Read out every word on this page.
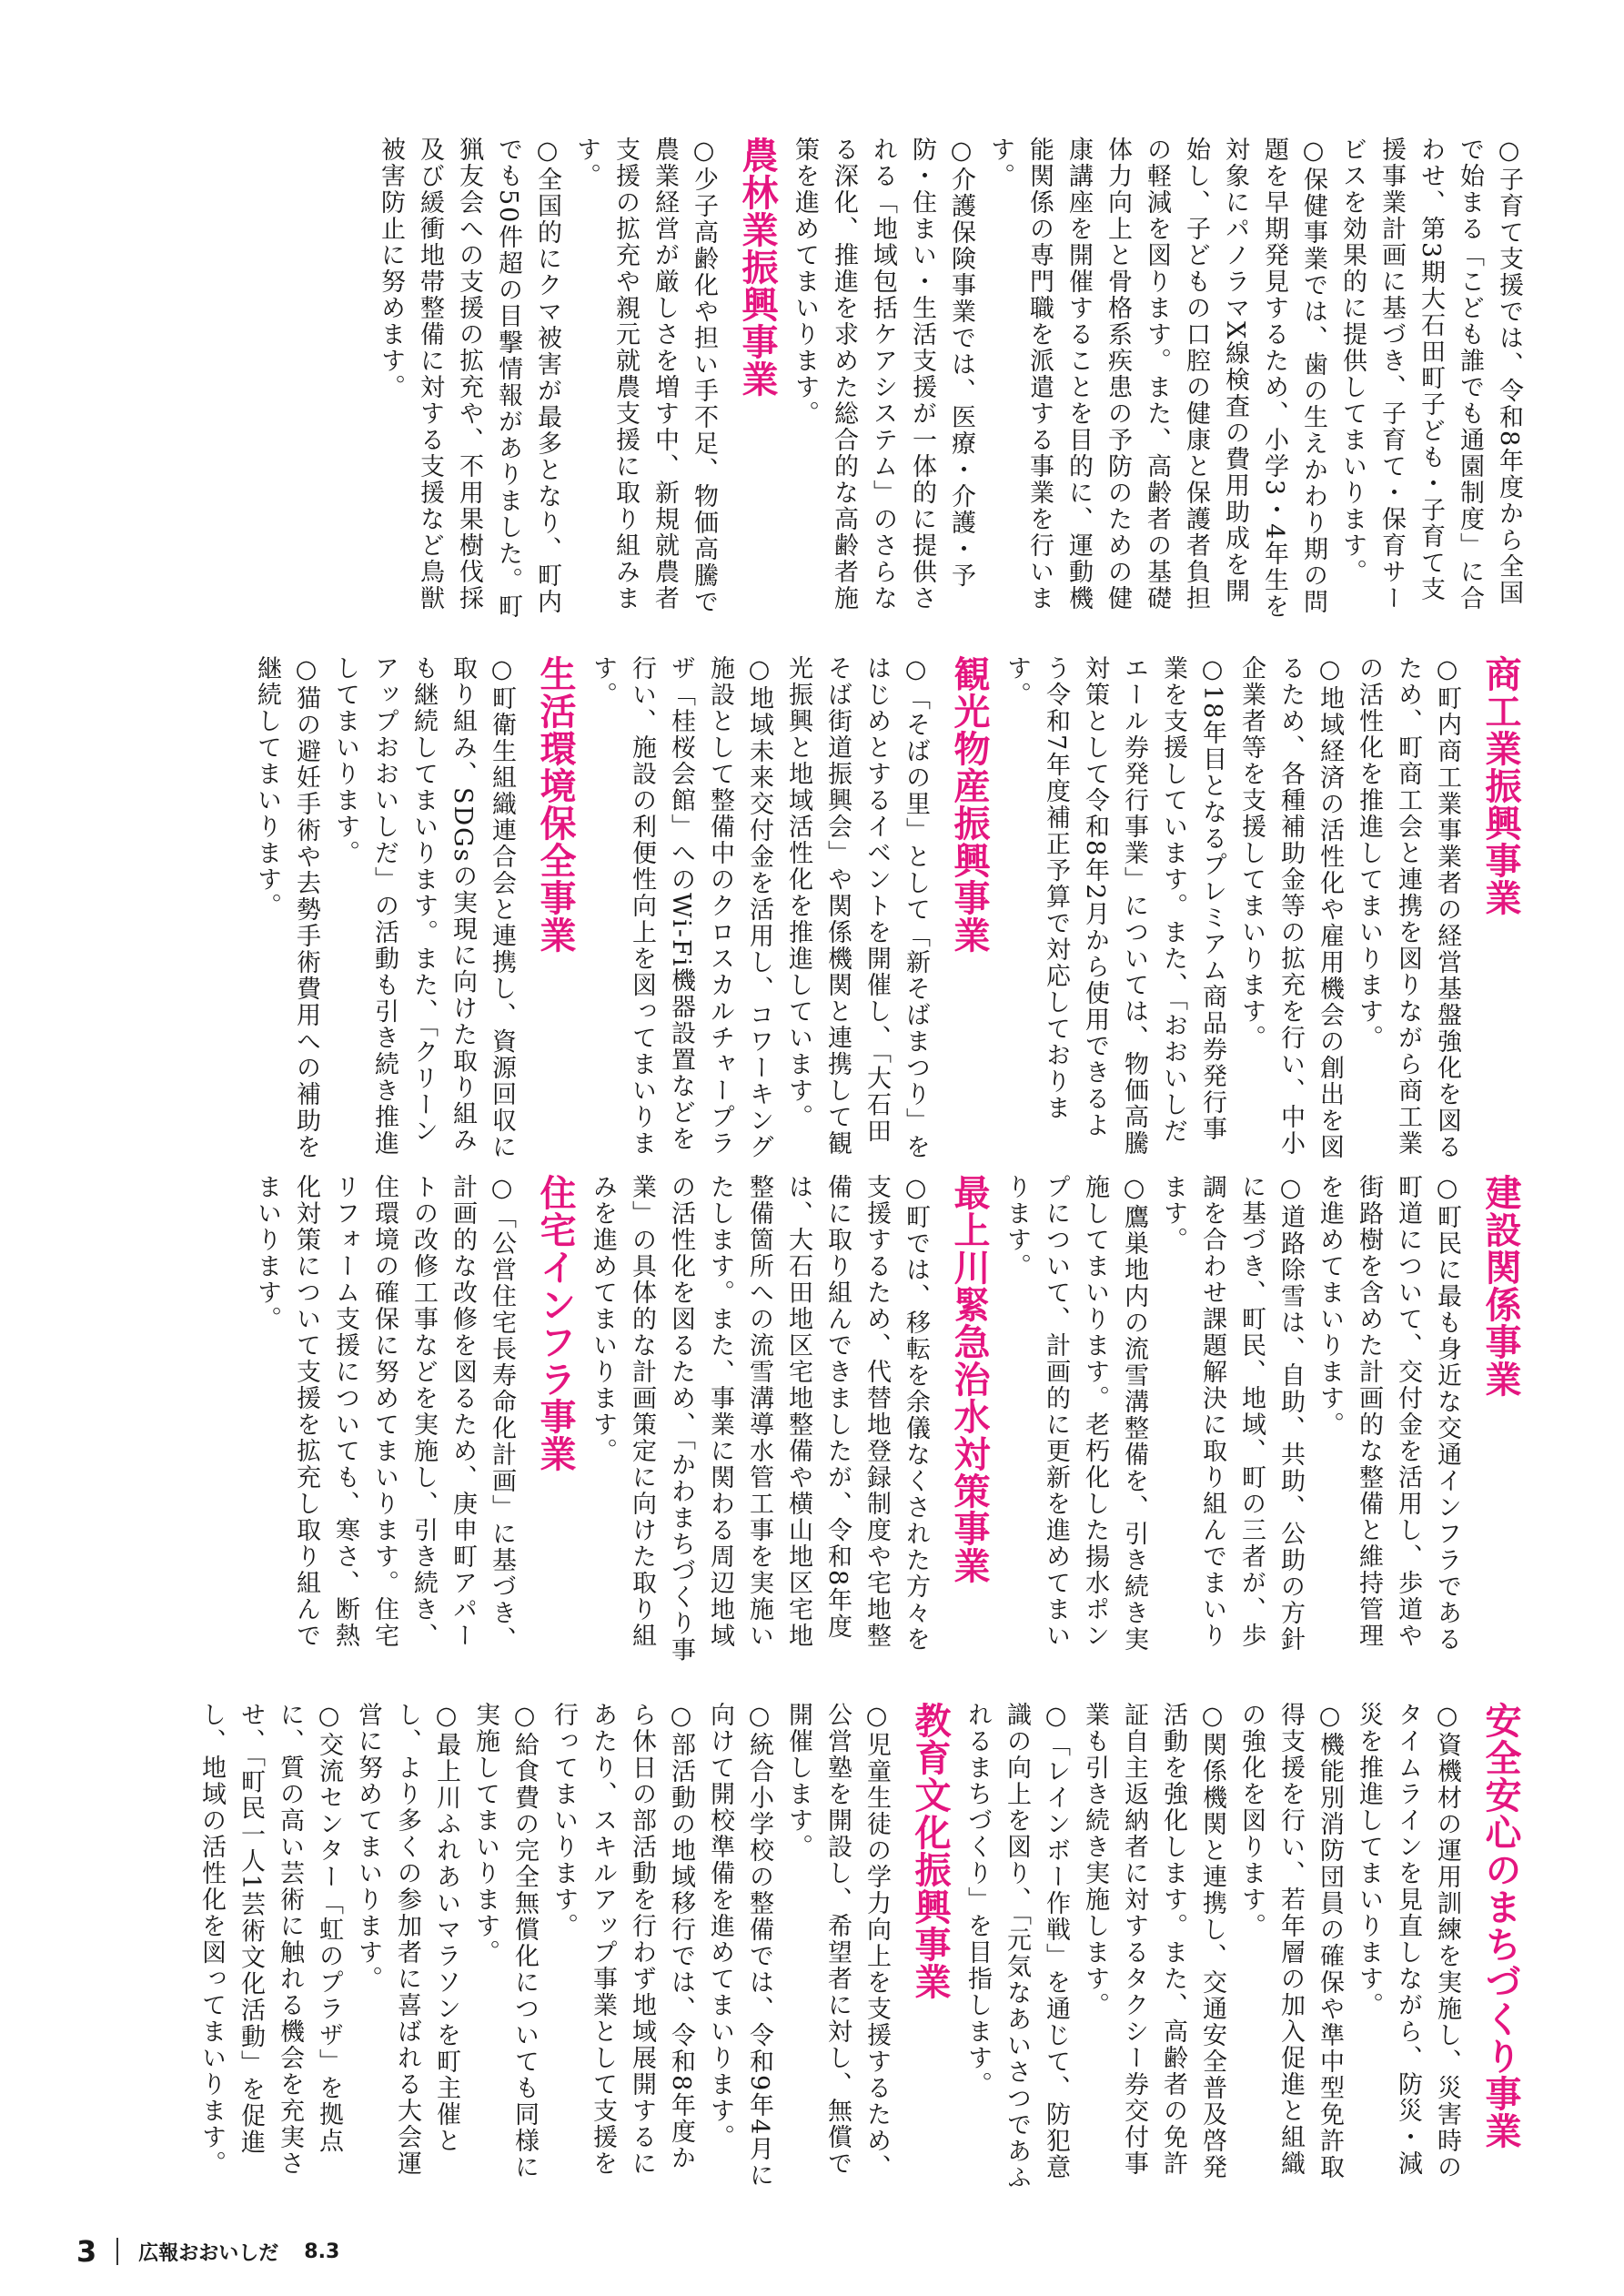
○子育て支援では、令和8年度から全国で始まる「こども誰でも通園制度」に合わせ、第3期大石田町子ども・子育て支援事業計画に基づき、子育て・保育サービスを効果的に提供してまいります。

○保健事業では、歯の生えかわり期の問題を早期発見するため、小学3・4年生を対象にパノラマX線検査の費用助成を開始し、子どもの口腔の健康と保護者負担の軽減を図ります。また、高齢者の基礎体力向上と骨格系疾患の予防のための健康講座を開催することを目的に、運動機能関係の専門職を派遣する事業を行います。

○介護保険事業では、医療・介護・予防・住まい・生活支援が一体的に提供される「地域包括ケアシステム」のさらなる深化、推進を求めた総合的な高齢者施策を進めてまいります。

農林業振興事業

○少子高齢化や担い手不足、物価高騰で農業経営が厳しさを増す中、新規就農者支援の拡充や親元就農支援に取り組みます。

○全国的にクマ被害が最多となり、町内でも50件超の目撃情報がありました。町猟友会への支援の拡充や、不用果樹伐採及び緩衝地帯整備に対する支援など鳥獣被害防止に努めます。

商工業振興事業

○町内商工業事業者の経営基盤強化を図るため、町商工会と連携を図りながら商工業の活性化を推進してまいります。

○地域経済の活性化や雇用機会の創出を図るため、各種補助金等の拡充を行い、中小企業者等を支援してまいります。

○18年目となるプレミアム商品券発行事業を支援しています。また、「おおいしだエール券発行事業」については、物価高騰対策として令和8年2月から使用できるよう令和7年度補正予算で対応しております。

観光物産振興事業

○「そばの里」として「新そばまつり」をはじめとするイベントを開催し、「大石田そば街道振興会」や関係機関と連携して観光振興と地域活性化を推進しています。

○地域未来交付金を活用し、コワーキング施設として整備中のクロスカルチャープラザ「桂桜会館」へのWi-Fi機器設置などを行い、施設の利便性向上を図ってまいります。

生活環境保全事業

○町衛生組織連合会と連携し、資源回収に取り組み、SDGsの実現に向けた取り組みも継続してまいります。また、「クリーンアップおおいしだ」の活動も引き続き推進してまいります。

○猫の避妊手術や去勢手術費用への補助を継続してまいります。

建設関係事業

○町民に最も身近な交通インフラである町道について、交付金を活用し、歩道や街路樹を含めた計画的な整備と維持管理を進めてまいります。

○道路除雪は、自助、共助、公助の方針に基づき、町民、地域、町の三者が、歩調を合わせ課題解決に取り組んでまいります。

○鷹巣地内の流雪溝整備を、引き続き実施してまいります。老朽化した揚水ポンプについて、計画的に更新を進めてまいります。

最上川緊急治水対策事業

○町では、移転を余儀なくされた方々を支援するため、代替地登録制度や宅地整備に取り組んできましたが、令和8年度は、大石田地区宅地整備や横山地区宅地整備箇所への流雪溝導水管工事を実施いたします。また、事業に関わる周辺地域の活性化を図るため、「かわまちづくり事業」の具体的な計画策定に向けた取り組みを進めてまいります。

住宅インフラ事業

○「公営住宅長寿命化計画」に基づき、計画的な改修を図るため、庚申町アパートの改修工事などを実施し、引き続き、住環境の確保に努めてまいります。住宅リフォーム支援についても、寒さ、断熱化対策について支援を拡充し取り組んでまいります。

安全安心のまちづくり事業

○資機材の運用訓練を実施し、災害時のタイムラインを見直しながら、防災・減災を推進してまいります。

○機能別消防団員の確保や準中型免許取得支援を行い、若年層の加入促進と組織の強化を図ります。

○関係機関と連携し、交通安全普及啓発活動を強化します。また、高齢者の免許証自主返納者に対するタクシー券交付事業も引き続き実施します。

○「レインボー作戦」を通じて、防犯意識の向上を図り、「元気なあいさつであふれるまちづくり」を目指します。

教育文化振興事業

○児童生徒の学力向上を支援するため、公営塾を開設し、希望者に対し、無償で開催します。

○統合小学校の整備では、令和9年4月に向けて開校準備を進めてまいります。

○部活動の地域移行では、令和8年度から休日の部活動を行わず地域展開するにあたり、スキルアップ事業として支援を行ってまいります。

○給食費の完全無償化についても同様に実施してまいります。

○最上川ふれあいマラソンを町主催とし、より多くの参加者に喜ばれる大会運営に努めてまいります。

○交流センター「虹のプラザ」を拠点に、質の高い芸術に触れる機会を充実させ、「町民一人1芸術文化活動」を促進し、地域の活性化を図ってまいります。

3 広報おおいしだ 8.3
